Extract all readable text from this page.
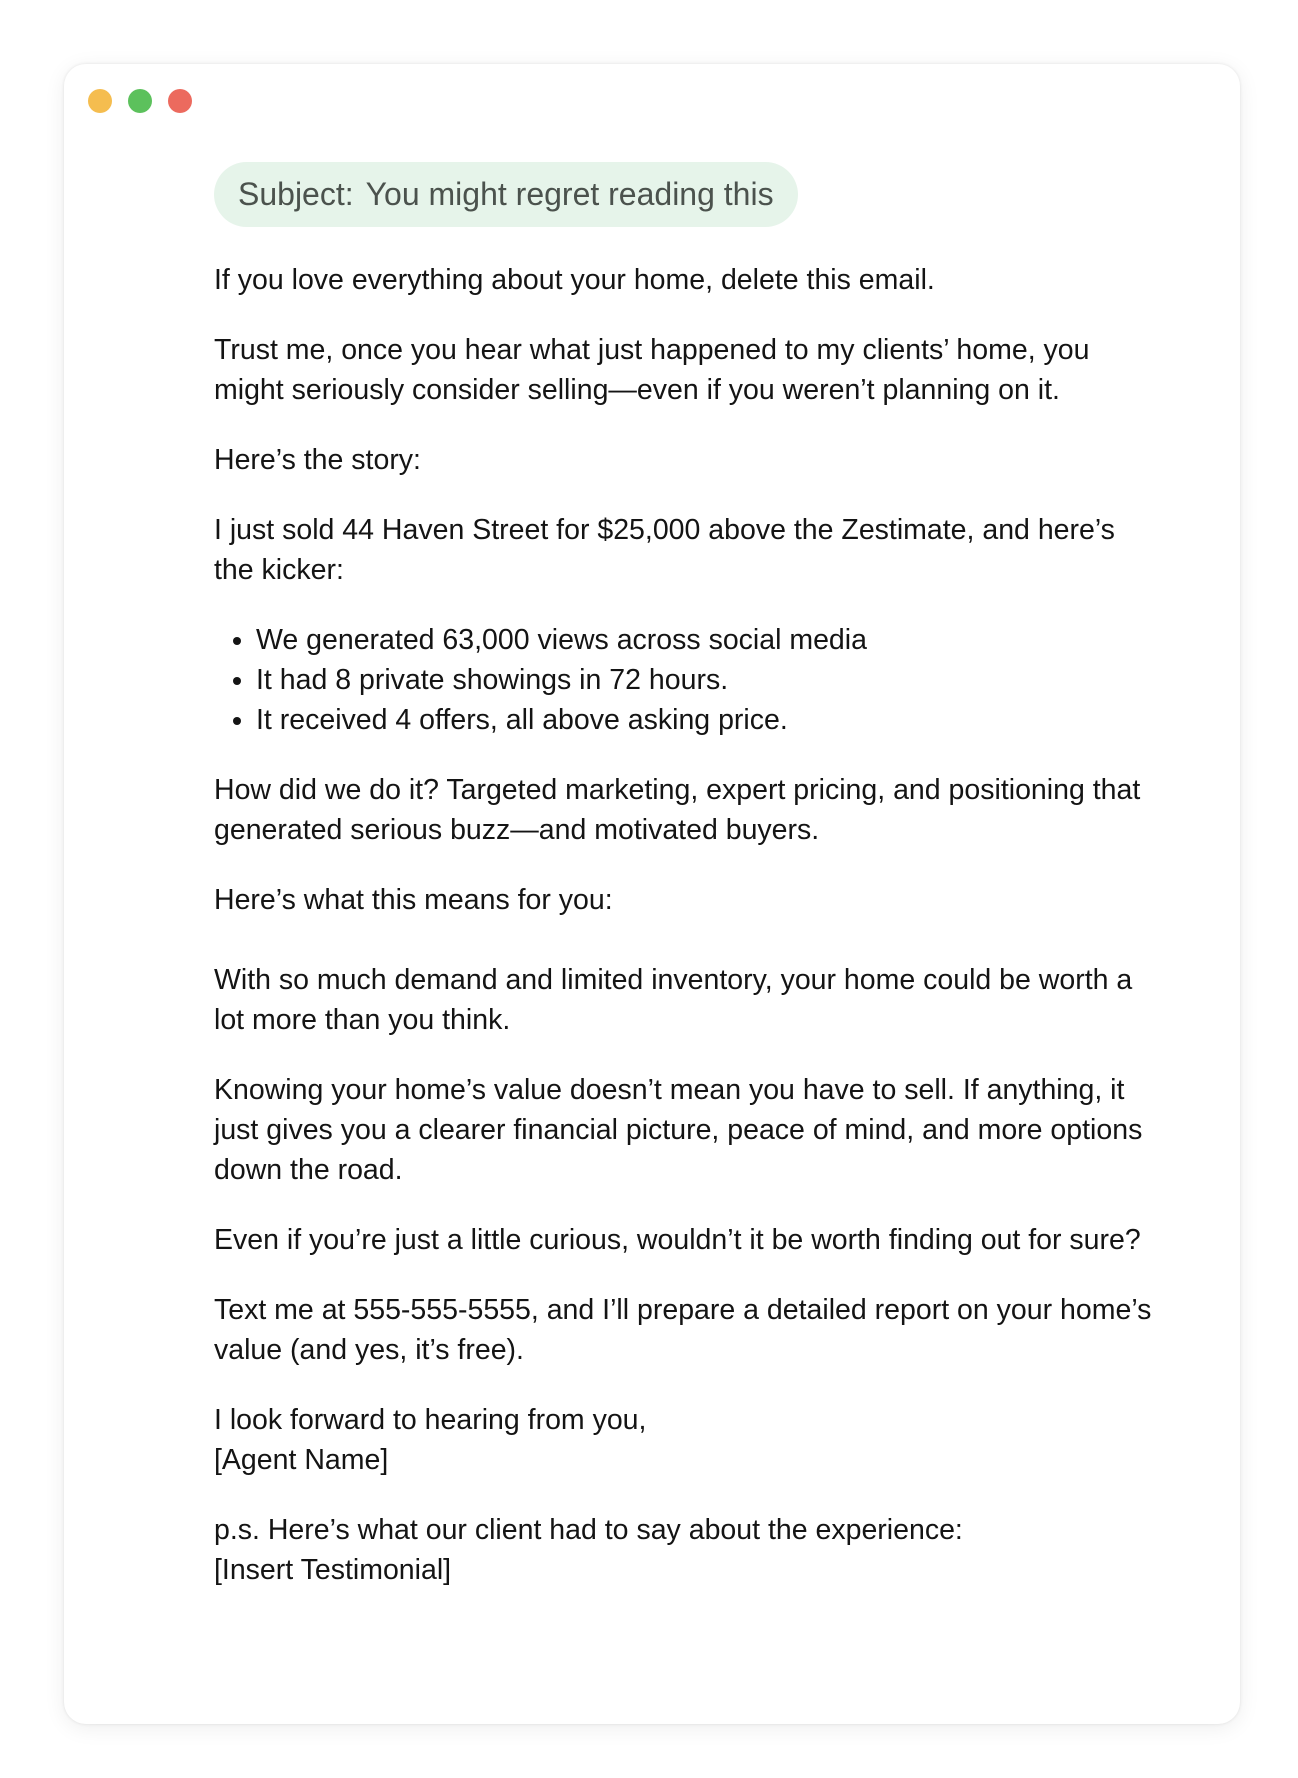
Subject: You might regret reading this

If you love everything about your home, delete this email.

Trust me, once you hear what just happened to my clients’ home, you might seriously consider selling—even if you weren’t planning on it.

Here’s the story:

I just sold 44 Haven Street for $25,000 above the Zestimate, and here’s the kicker:

• We generated 63,000 views across social media
• It had 8 private showings in 72 hours.
• It received 4 offers, all above asking price.

How did we do it? Targeted marketing, expert pricing, and positioning that generated serious buzz—and motivated buyers.

Here’s what this means for you:

With so much demand and limited inventory, your home could be worth a lot more than you think.

Knowing your home’s value doesn’t mean you have to sell. If anything, it just gives you a clearer financial picture, peace of mind, and more options down the road.

Even if you’re just a little curious, wouldn’t it be worth finding out for sure?

Text me at 555-555-5555, and I’ll prepare a detailed report on your home’s value (and yes, it’s free).

I look forward to hearing from you,
[Agent Name]

p.s. Here’s what our client had to say about the experience:
[Insert Testimonial]
